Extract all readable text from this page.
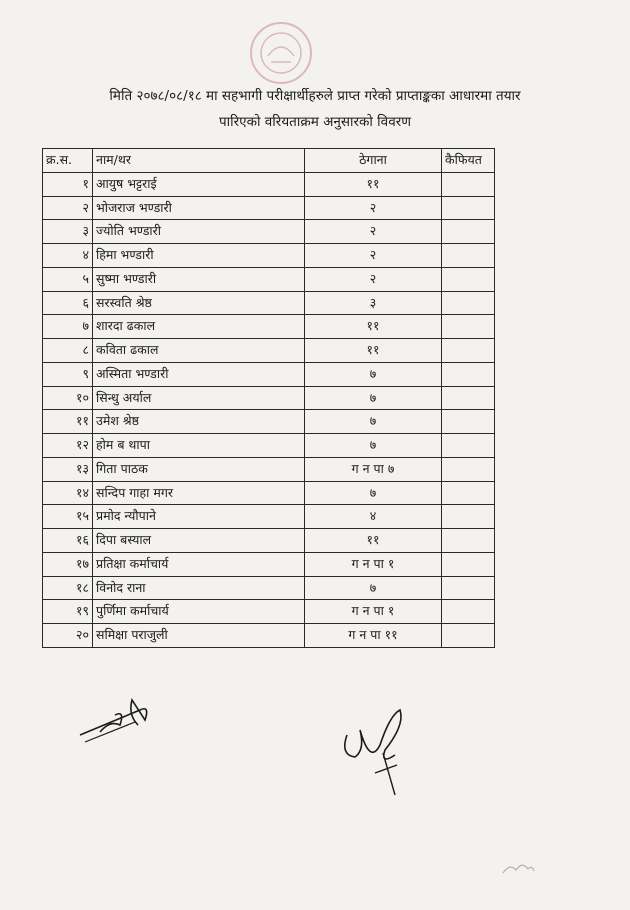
मिति २०७८/०८/१८ मा सहभागी परीक्षार्थीहरुले प्राप्त गरेको प्राप्ताङ्कका आधारमा तयार
पारिएको वरियताक्रम अनुसारको विवरण
क्र.स.	नाम/थर	ठेगाना	कैफियत
१	आयुष भट्टराई	११	
२	भोजराज भण्डारी	२	
३	ज्योति भण्डारी	२	
४	हिमा भण्डारी	२	
५	सुष्मा भण्डारी	२	
६	सरस्वति श्रेष्ठ	३	
७	शारदा ढकाल	११	
८	कविता ढकाल	११	
९	अस्मिता भण्डारी	७	
१०	सिन्धु अर्याल	७	
११	उमेश श्रेष्ठ	७	
१२	होम ब थापा	७	
१३	गिता पाठक	ग न पा ७	
१४	सन्दिप गाहा मगर	७	
१५	प्रमोद न्यौपाने	४	
१६	दिपा बस्याल	११	
१७	प्रतिक्षा कर्माचार्य	ग न पा १	
१८	विनोद राना	७	
१९	पुर्णिमा कर्माचार्य	ग न पा १	
२०	समिक्षा पराजुली	ग न पा ११	
